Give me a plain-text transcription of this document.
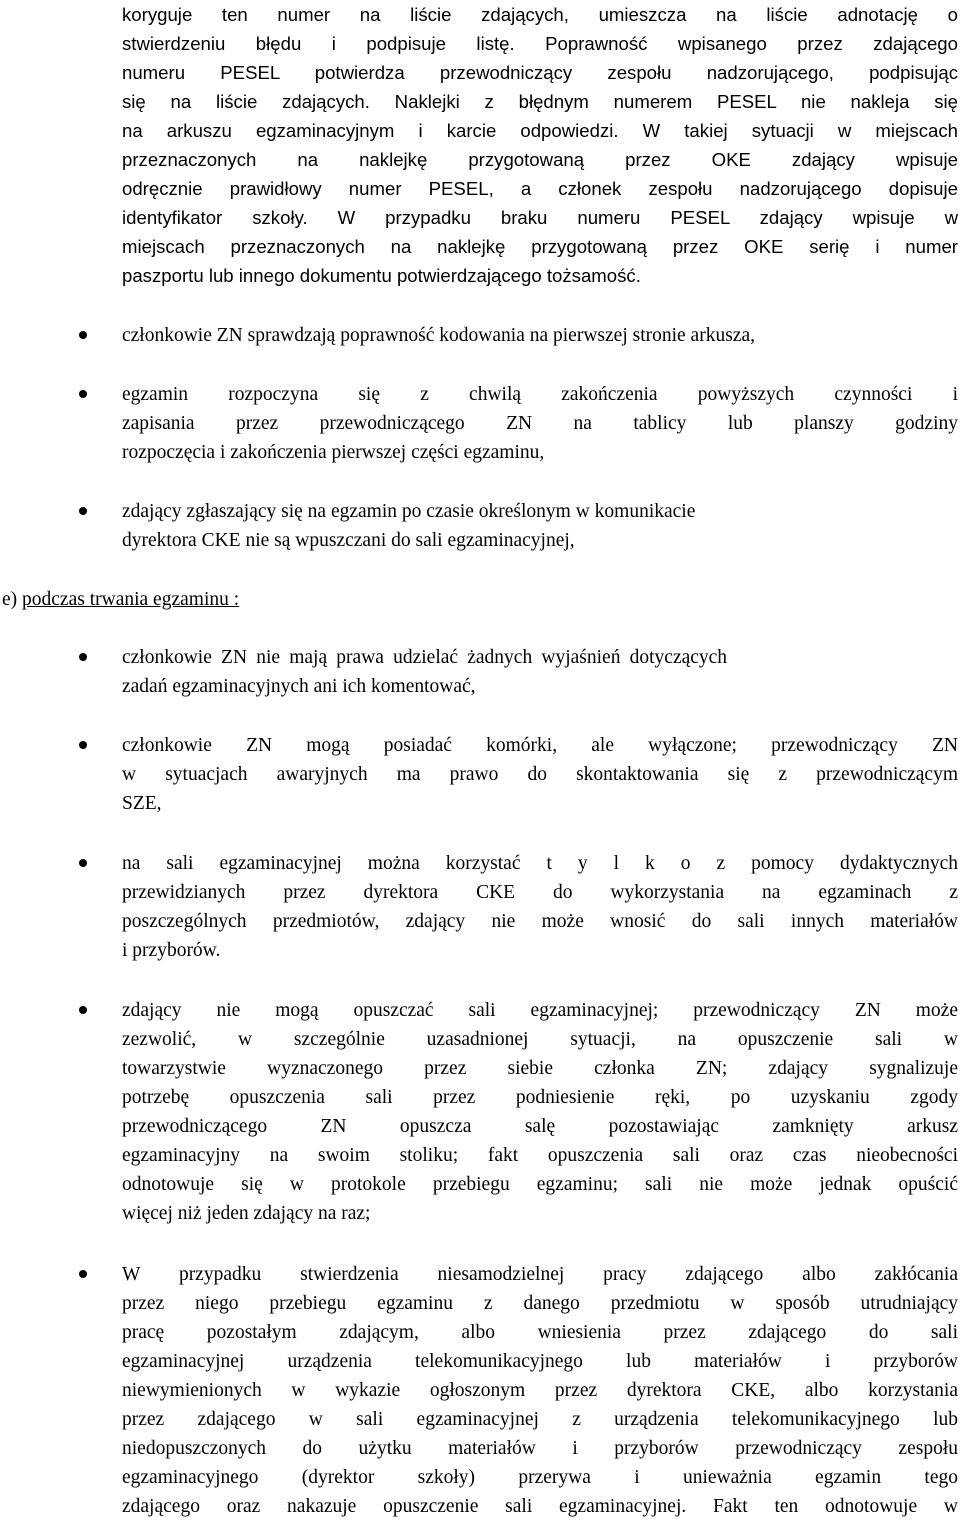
koryguje ten numer na liście zdających, umieszcza na liście adnotację o
stwierdzeniu błędu i podpisuje listę. Poprawność wpisanego przez zdającego
numeru PESEL potwierdza przewodniczący zespołu nadzorującego, podpisując
się na liście zdających. Naklejki z błędnym numerem PESEL nie nakleja się
na arkuszu egzaminacyjnym i karcie odpowiedzi. W takiej sytuacji w miejscach
przeznaczonych na naklejkę przygotowaną przez OKE zdający wpisuje
odręcznie prawidłowy numer PESEL, a członek zespołu nadzorującego dopisuje
identyfikator szkoły. W przypadku braku numeru PESEL zdający wpisuje w
miejscach przeznaczonych na naklejkę przygotowaną przez OKE serię i numer
paszportu lub innego dokumentu potwierdzającego tożsamość.
członkowie ZN sprawdzają poprawność kodowania na pierwszej stronie arkusza,
egzamin rozpoczyna się z chwilą zakończenia powyższych czynności i
zapisania przez przewodniczącego ZN na tablicy lub planszy godziny
rozpoczęcia i zakończenia pierwszej części egzaminu,
zdający zgłaszający się na egzamin po czasie określonym w komunikacie
dyrektora CKE nie są wpuszczani do sali egzaminacyjnej,
e) podczas trwania egzaminu :
członkowie ZN nie mają prawa udzielać żadnych wyjaśnień dotyczących
zadań egzaminacyjnych ani ich komentować,
członkowie ZN mogą posiadać komórki, ale wyłączone; przewodniczący ZN
w sytuacjach awaryjnych ma prawo do skontaktowania się z przewodniczącym
SZE,
na sali egzaminacyjnej można korzystać t y l k o z pomocy dydaktycznych
przewidzianych przez dyrektora CKE do wykorzystania na egzaminach z
poszczególnych przedmiotów, zdający nie może wnosić do sali innych materiałów
i przyborów.
zdający nie mogą opuszczać sali egzaminacyjnej; przewodniczący ZN może
zezwolić, w szczególnie uzasadnionej sytuacji, na opuszczenie sali w
towarzystwie wyznaczonego przez siebie członka ZN; zdający sygnalizuje
potrzebę opuszczenia sali przez podniesienie ręki, po uzyskaniu zgody
przewodniczącego ZN opuszcza salę pozostawiając zamknięty arkusz
egzaminacyjny na swoim stoliku; fakt opuszczenia sali oraz czas nieobecności
odnotowuje się w protokole przebiegu egzaminu; sali nie może jednak opuścić
więcej niż jeden zdający na raz;
W przypadku stwierdzenia niesamodzielnej pracy zdającego albo zakłócania
przez niego przebiegu egzaminu z danego przedmiotu w sposób utrudniający
pracę pozostałym zdającym, albo wniesienia przez zdającego do sali
egzaminacyjnej urządzenia telekomunikacyjnego lub materiałów i przyborów
niewymienionych w wykazie ogłoszonym przez dyrektora CKE, albo korzystania
przez zdającego w sali egzaminacyjnej z urządzenia telekomunikacyjnego lub
niedopuszczonych do użytku materiałów i przyborów przewodniczący zespołu
egzaminacyjnego (dyrektor szkoły) przerywa i unieważnia egzamin tego
zdającego oraz nakazuje opuszczenie sali egzaminacyjnej. Fakt ten odnotowuje w
